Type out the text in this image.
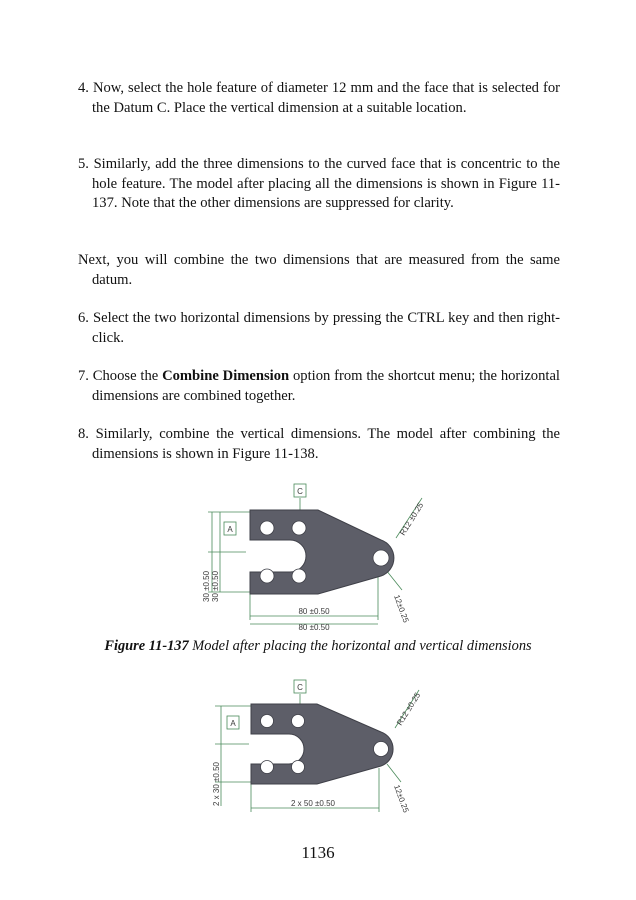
4. Now, select the hole feature of diameter 12 mm and the face that is selected for the Datum C. Place the vertical dimension at a suitable location.

5. Similarly, add the three dimensions to the curved face that is concentric to the hole feature. The model after placing all the dimensions is shown in Figure 11-137. Note that the other dimensions are suppressed for clarity.

Next, you will combine the two dimensions that are measured from the same datum.

6. Select the two horizontal dimensions by pressing the CTRL key and then right-click.

7. Choose the Combine Dimension option from the shortcut menu; the horizontal dimensions are combined together.

8. Similarly, combine the vertical dimensions. The model after combining the dimensions is shown in Figure 11-138.

C
A	R12 ±0.25
12±0.25
30 ±0.50 30 ±0.50
80 ±0.50
80 ±0.50

Figure 11-137 Model after placing the horizontal and vertical dimensions

C
A	R12 ±0.25
12±0.25
2 x 30 ±0.50	2 x 50 ±0.50
1136
